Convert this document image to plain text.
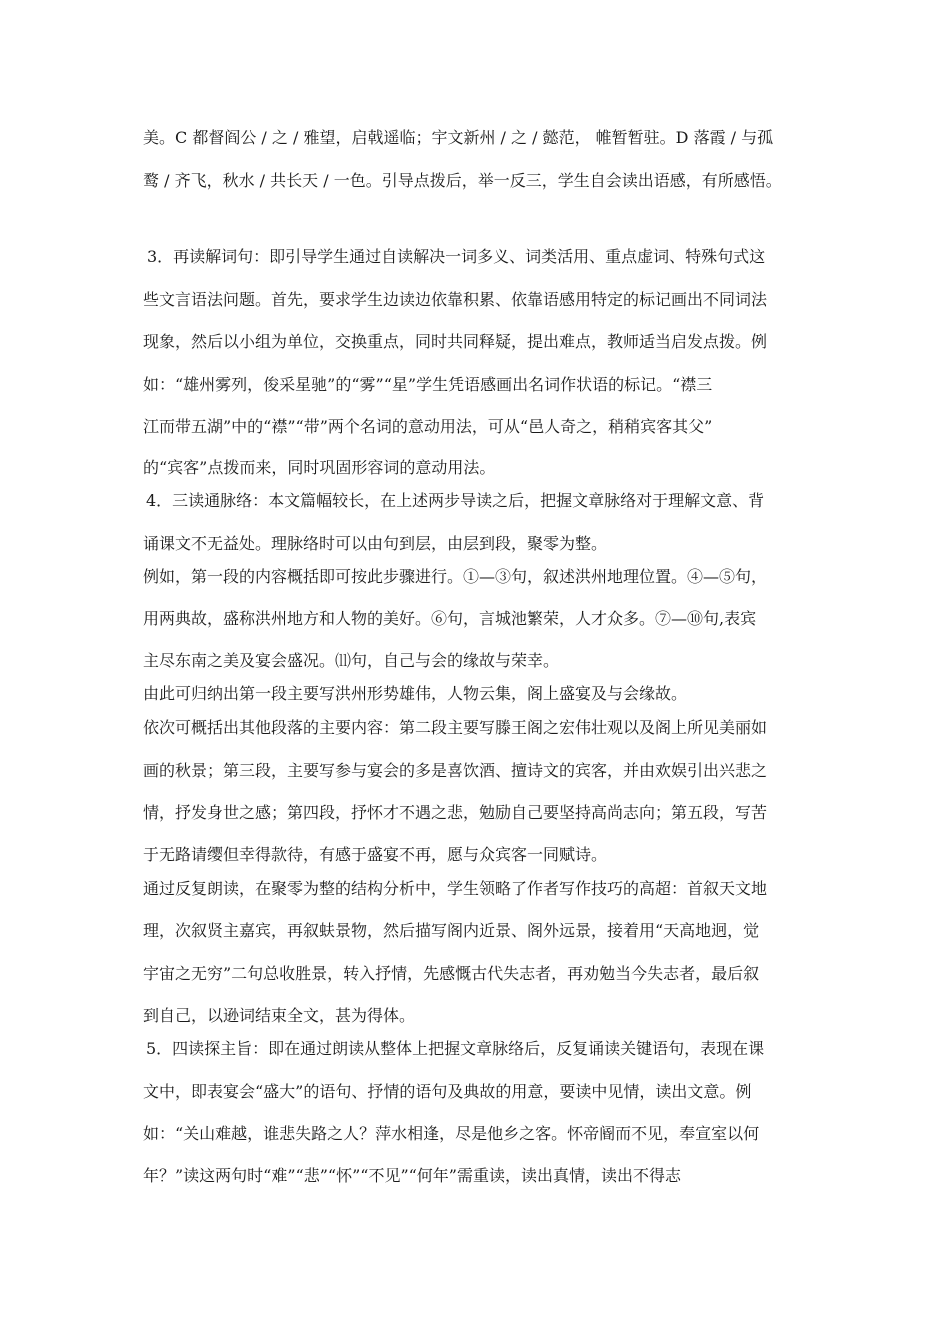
美。C 都督阎公 / 之 / 雅望，启戟遥临；宇文新州 / 之 / 懿范， 帷暂暂驻。D 落霞 / 与孤
鹜 / 齐飞，秋水 / 共长天 / 一色。引导点拨后，举一反三，学生自会读出语感，有所感悟。
3．再读解词句：即引导学生通过自读解决一词多义、词类活用、重点虚词、特殊句式这
些文言语法问题。首先，要求学生边读边依靠积累、依靠语感用特定的标记画出不同词法
现象，然后以小组为单位，交换重点，同时共同释疑，提出难点，教师适当启发点拨。例
如：“雄州雾列，俊采星驰”的“雾”“星”学生凭语感画出名词作状语的标记。“襟三
江而带五湖”中的“襟”“带”两个名词的意动用法，可从“邑人奇之，稍稍宾客其父”
的“宾客”点拨而来，同时巩固形容词的意动用法。
4．三读通脉络：本文篇幅较长，在上述两步导读之后，把握文章脉络对于理解文意、背
诵课文不无益处。理脉络时可以由句到层，由层到段，聚零为整。
例如，第一段的内容概括即可按此步骤进行。①—③句，叙述洪州地理位置。④—⑤句，
用两典故，盛称洪州地方和人物的美好。⑥句，言城池繁荣，人才众多。⑦—⑩句,表宾
主尽东南之美及宴会盛况。⑾句，自己与会的缘故与荣幸。
由此可归纳出第一段主要写洪州形势雄伟，人物云集，阁上盛宴及与会缘故。
依次可概括出其他段落的主要内容：第二段主要写滕王阁之宏伟壮观以及阁上所见美丽如
画的秋景；第三段，主要写参与宴会的多是喜饮酒、擅诗文的宾客，并由欢娱引出兴悲之
情，抒发身世之感；第四段，抒怀才不遇之悲，勉励自己要坚持高尚志向；第五段，写苦
于无路请缨但幸得款待，有感于盛宴不再，愿与众宾客一同赋诗。
通过反复朗读，在聚零为整的结构分析中，学生领略了作者写作技巧的高超：首叙天文地
理，次叙贤主嘉宾，再叙蚨景物，然后描写阁内近景、阁外远景，接着用“天高地迥，觉
宇宙之无穷”二句总收胜景，转入抒情，先感慨古代失志者，再劝勉当今失志者，最后叙
到自己，以逊词结束全文，甚为得体。
5．四读探主旨：即在通过朗读从整体上把握文章脉络后，反复诵读关键语句，表现在课
文中，即表宴会“盛大”的语句、抒情的语句及典故的用意，要读中见情，读出文意。例
如：“关山难越，谁悲失路之人？萍水相逢，尽是他乡之客。怀帝阍而不见，奉宣室以何
年？”读这两句时“难”“悲”“怀”“不见”“何年”需重读，读出真情，读出不得志
